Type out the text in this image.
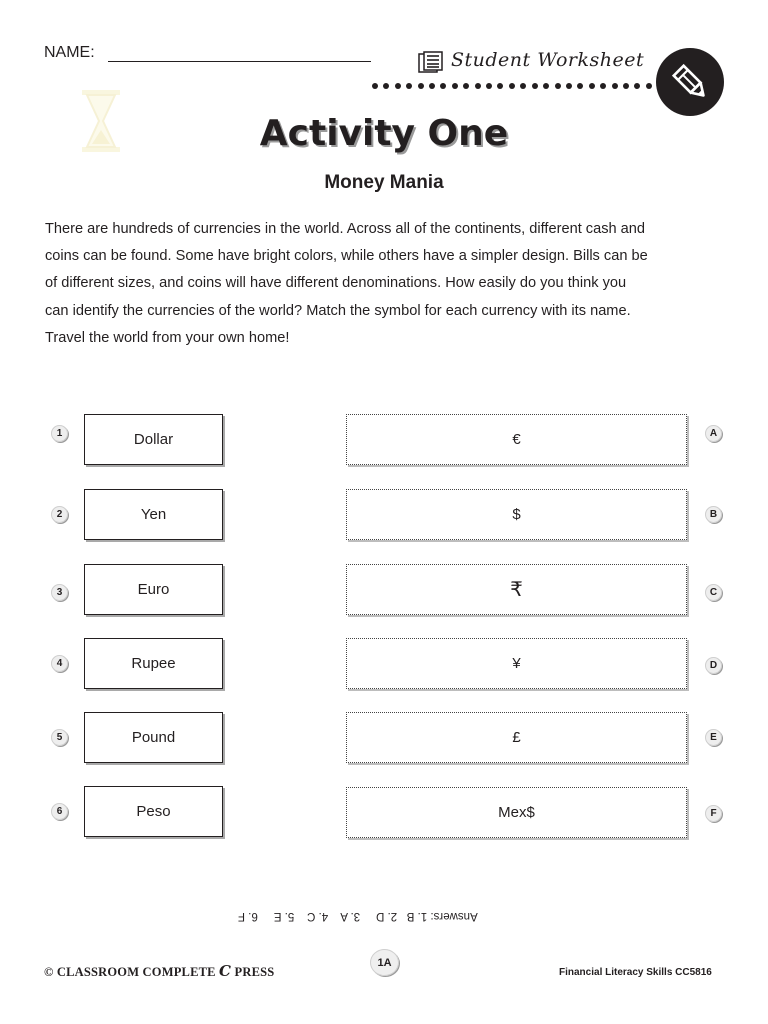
NAME:	Student Worksheet
Activity One
Money Mania
There are hundreds of currencies in the world. Across all of the continents, different cash and
coins can be found. Some have bright colors, while others have a simpler design. Bills can be
of different sizes, and coins will have different denominations. How easily do you think you
can identify the currencies of the world? Match the symbol for each currency with its name.
Travel the world from your own home!
1	Dollar	€	A
2	Yen	$	B
3	Euro	₹	C
4	Rupee	¥	D
5	Pound	£	E
6	Peso	Mex$	F
Answers: 1. B   2. D     3. A    4. C    5. E     6. F
© CLASSROOM COMPLETE C PRESS
1A
Financial Literacy Skills CC5816
